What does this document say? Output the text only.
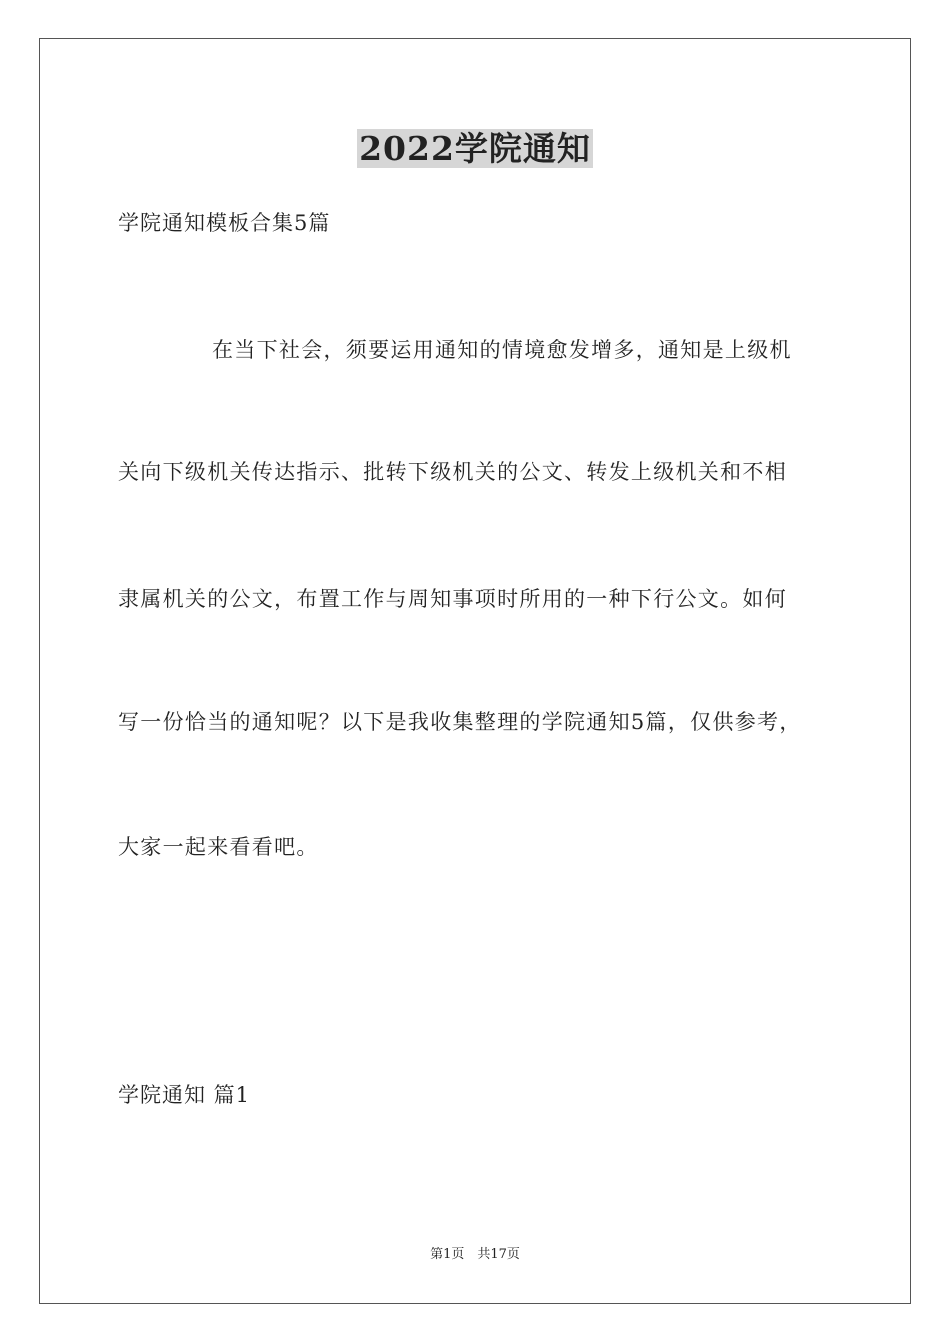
2022学院通知
学院通知模板合集5篇
在当下社会，须要运用通知的情境愈发增多，通知是上级机
关向下级机关传达指示、批转下级机关的公文、转发上级机关和不相
隶属机关的公文，布置工作与周知事项时所用的一种下行公文。如何
写一份恰当的通知呢？以下是我收集整理的学院通知5篇，仅供参考，
大家一起来看看吧。
学院通知 篇1
第1页　共17页
